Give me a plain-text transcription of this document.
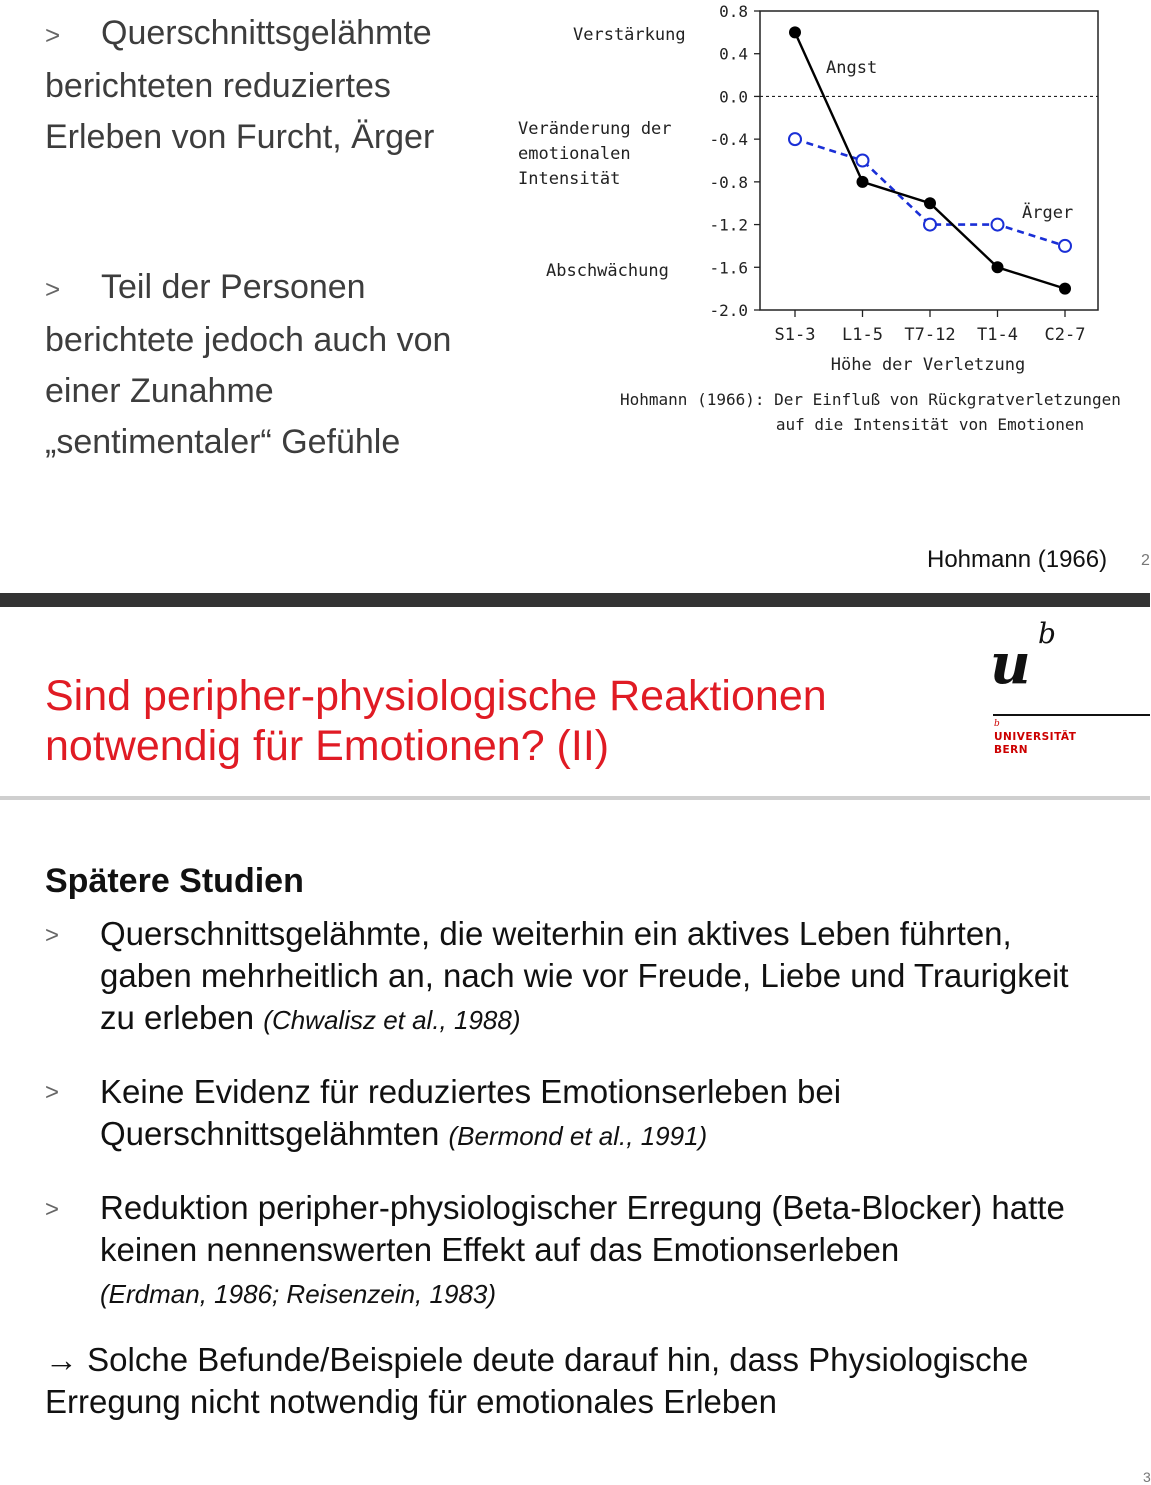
> Querschnittsgelähmte
berichteten reduziertes Erleben von Furcht, Ärger
> Teil der Personen
berichtete jedoch auch von einer Zunahme „sentimentaler“ Gefühle
0.8
0.4
0.0
-0.4
-0.8
-1.2
-1.6
-2.0
S1-3 L1-5 T7-12 T1-4 C2-7
Verstärkung
Abschwächung
Veränderung der
emotionalen
Intensität
Höhe der Verletzung
Angst
Ärger
Hohmann (1966): Der Einfluß von Rückgratverletzungen
auf die Intensität von Emotionen
Hohmann (1966) 2
Sind peripher-physiologische Reaktionen
notwendig für Emotionen? (II)
u b
b
UNIVERSITÄT
BERN
Spätere Studien
> Querschnittsgelähmte, die weiterhin ein aktives Leben führten, gaben mehrheitlich an, nach wie vor Freude, Liebe und Traurigkeit zu erleben (Chwalisz et al., 1988)
> Keine Evidenz für reduziertes Emotionserleben bei Querschnittsgelähmten (Bermond et al., 1991)
> Reduktion peripher-physiologischer Erregung (Beta-Blocker) hatte keinen nennenswerten Effekt auf das Emotionserleben
(Erdman, 1986; Reisenzein, 1983)
→ Solche Befunde/Beispiele deute darauf hin, dass Physiologische Erregung nicht notwendig für emotionales Erleben
3
